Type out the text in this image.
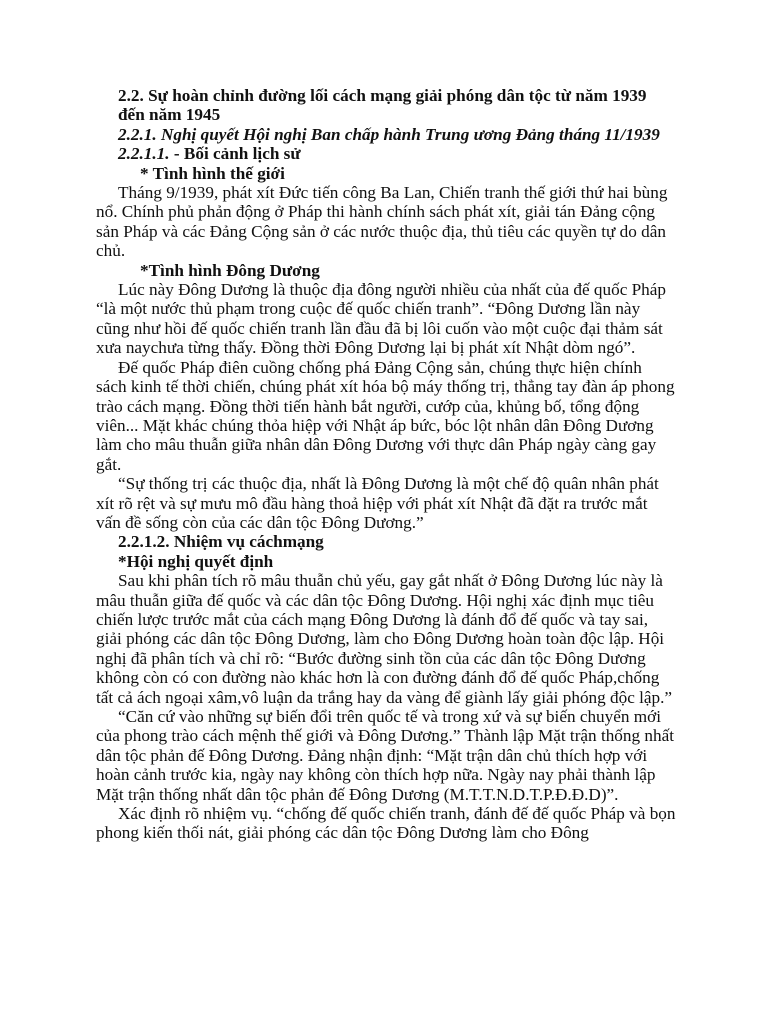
2.2. Sự hoàn chỉnh đường lối cách mạng giải phóng dân tộc từ năm 1939 đến năm 1945

2.2.1. Nghị quyết Hội nghị Ban chấp hành Trung ương Đảng tháng 11/1939

2.2.1.1. - Bối cảnh lịch sử

* Tình hình thế giới

Tháng 9/1939, phát xít Đức tiến công Ba Lan, Chiến tranh thế giới thứ hai bùng nổ. Chính phủ phản động ở Pháp thi hành chính sách phát xít, giải tán Đảng cộng sản Pháp và các Đảng Cộng sản ở các nước thuộc địa, thủ tiêu các quyền tự do dân chủ.

*Tình hình Đông Dương

Lúc này Đông Dương là thuộc địa đông người nhiều của nhất của đế quốc Pháp “là một nước thủ phạm trong cuộc đế quốc chiến tranh”. “Đông Dương lần này cũng như hồi đế quốc chiến tranh lần đầu đã bị lôi cuốn vào một cuộc đại thảm sát xưa naychưa từng thấy. Đồng thời Đông Dương lại bị phát xít Nhật dòm ngó”.

Đế quốc Pháp điên cuồng chống phá Đảng Cộng sản, chúng thực hiện chính sách kinh tế thời chiến, chúng phát xít hóa bộ máy thống trị, thẳng tay đàn áp phong trào cách mạng. Đồng thời tiến hành bắt người, cướp của, khủng bố, tổng động viên... Mặt khác chúng thỏa hiệp với Nhật áp bức, bóc lột nhân dân Đông Dương làm cho mâu thuẫn giữa nhân dân Đông Dương với thực dân Pháp ngày càng gay gắt.

“Sự thống trị các thuộc địa, nhất là Đông Dương là một chế độ quân nhân phát xít rõ rệt và sự mưu mô đầu hàng thoả hiệp với phát xít Nhật đã đặt ra trước mắt vấn đề sống còn của các dân tộc Đông Dương.”

2.2.1.2. Nhiệm vụ cáchmạng

*Hội nghị quyết định

Sau khi phân tích rõ mâu thuẫn chủ yếu, gay gắt nhất ở Đông Dương lúc này là mâu thuẫn giữa đế quốc và các dân tộc Đông Dương. Hội nghị xác định mục tiêu chiến lược trước mắt của cách mạng Đông Dương là đánh đổ đế quốc và tay sai, giải phóng các dân tộc Đông Dương, làm cho Đông Dương hoàn toàn độc lập. Hội nghị đã phân tích và chỉ rõ: “Bước đường sinh tồn của các dân tộc Đông Dương không còn có con đường nào khác hơn là con đường đánh đổ đế quốc Pháp,chống tất cả ách ngoại xâm,vô luận da trắng hay da vàng để giành lấy giải phóng độc lập.”

“Căn cứ vào những sự biến đổi trên quốc tế và trong xứ và sự biến chuyển mới của phong trào cách mệnh thế giới và Đông Dương.” Thành lập Mặt trận thống nhất dân tộc phản đế Đông Dương. Đảng nhận định: “Mặt trận dân chủ thích hợp với hoàn cảnh trước kia, ngày nay không còn thích hợp nữa. Ngày nay phải thành lập Mặt trận thống nhất dân tộc phản đế Đông Dương (M.T.T.N.D.T.P.Đ.Đ.D)”.

Xác định rõ nhiệm vụ. “chống đế quốc chiến tranh, đánh đế đế quốc Pháp và bọn phong kiến thối nát, giải phóng các dân tộc Đông Dương làm cho Đông
